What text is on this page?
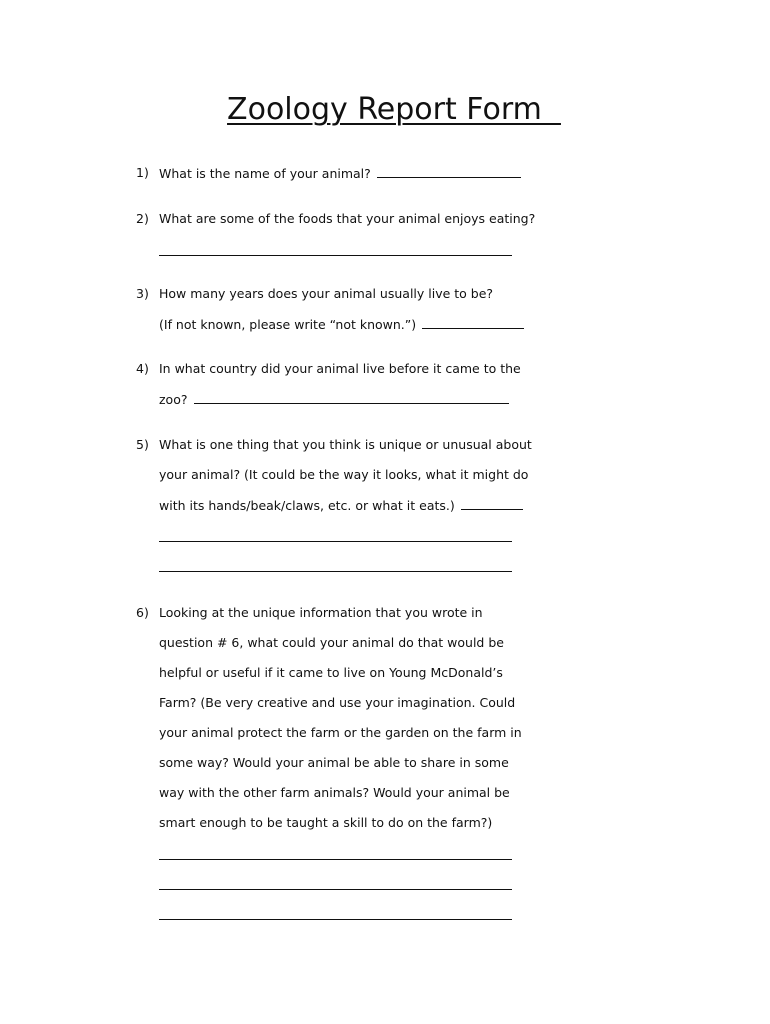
Zoology Report Form
1) What is the name of your animal?
2) What are some of the foods that your animal enjoys eating?
3) How many years does your animal usually live to be?
(If not known, please write “not known.”)
4) In what country did your animal live before it came to the
zoo?
5) What is one thing that you think is unique or unusual about
your animal? (It could be the way it looks, what it might do
with its hands/beak/claws, etc. or what it eats.)
6) Looking at the unique information that you wrote in
question # 6, what could your animal do that would be
helpful or useful if it came to live on Young McDonald’s
Farm? (Be very creative and use your imagination. Could
your animal protect the farm or the garden on the farm in
some way? Would your animal be able to share in some
way with the other farm animals? Would your animal be
smart enough to be taught a skill to do on the farm?)
